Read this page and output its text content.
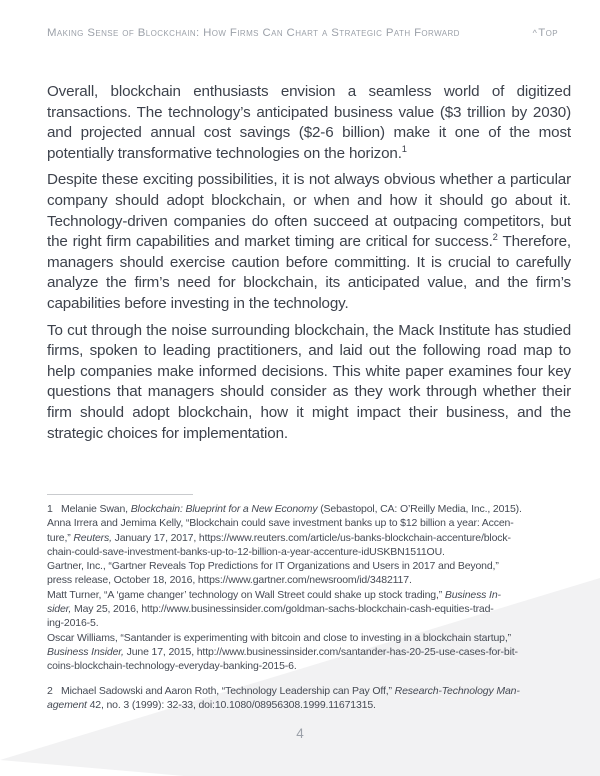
Making Sense of Blockchain: How Firms Can Chart a Strategic Path Forward	^Top

Overall, blockchain enthusiasts envision a seamless world of digitized transactions. The technology’s anticipated business value ($3 trillion by 2030) and projected annual cost savings ($2-6 billion) make it one of the most potentially transformative technologies on the horizon.$^1$

Despite these exciting possibilities, it is not always obvious whether a particular company should adopt blockchain, or when and how it should go about it. Technology-driven companies do often succeed at outpacing competitors, but the right firm capabilities and market timing are critical for success.$^2$ Therefore, managers should exercise caution before committing. It is crucial to carefully analyze the firm’s need for blockchain, its anticipated value, and the firm’s capabilities before investing in the technology.

To cut through the noise surrounding blockchain, the Mack Institute has studied firms, spoken to leading practitioners, and laid out the following road map to help companies make informed decisions. This white paper examines four key questions that managers should consider as they work through whether their firm should adopt blockchain, how it might impact their business, and the strategic choices for implementation.

1   Melanie Swan, Blockchain: Blueprint for a New Economy (Sebastopol, CA: O’Reilly Media, Inc., 2015).
Anna Irrera and Jemima Kelly, “Blockchain could save investment banks up to $12 billion a year: Accen-
ture,” Reuters, January 17, 2017, https://www.reuters.com/article/us-banks-blockchain-accenture/block-
chain-could-save-investment-banks-up-to-12-billion-a-year-accenture-idUSKBN1511OU.
Gartner, Inc., “Gartner Reveals Top Predictions for IT Organizations and Users in 2017 and Beyond,”
press release, October 18, 2016, https://www.gartner.com/newsroom/id/3482117.
Matt Turner, “A ‘game changer’ technology on Wall Street could shake up stock trading,” Business In-
sider, May 25, 2016, http://www.businessinsider.com/goldman-sachs-blockchain-cash-equities-trad-
ing-2016-5.
Oscar Williams, “Santander is experimenting with bitcoin and close to investing in a blockchain startup,”
Business Insider, June 17, 2015, http://www.businessinsider.com/santander-has-20-25-use-cases-for-bit-
coins-blockchain-technology-everyday-banking-2015-6.
2   Michael Sadowski and Aaron Roth, “Technology Leadership can Pay Off,” Research-Technology Man-
agement 42, no. 3 (1999): 32-33, doi:10.1080/08956308.1999.11671315.
4
